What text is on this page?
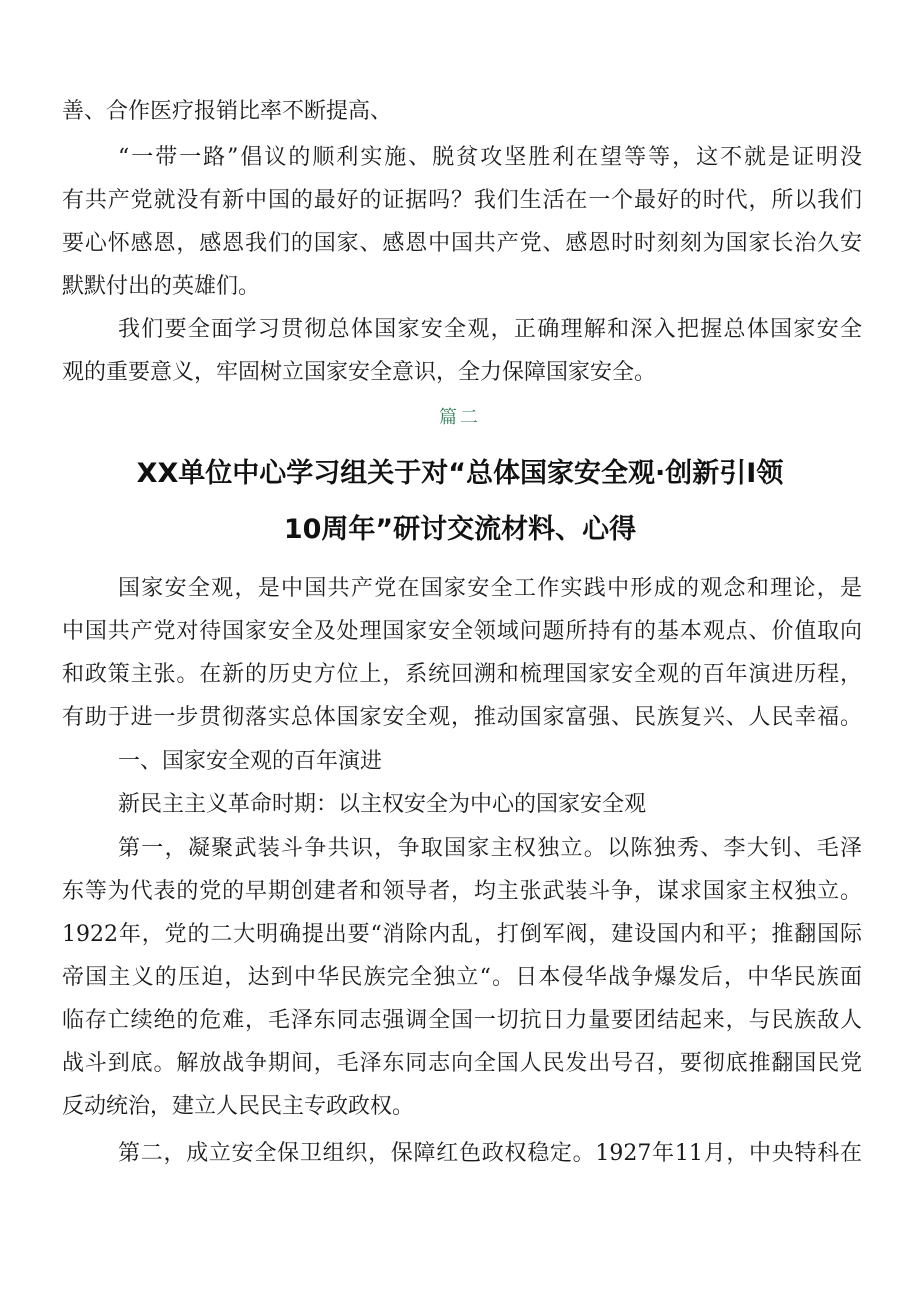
善、合作医疗报销比率不断提高、
“一带一路”倡议的顺利实施、脱贫攻坚胜利在望等等，这不就是证明没
有共产党就没有新中国的最好的证据吗？我们生活在一个最好的时代，所以我们
要心怀感恩，感恩我们的国家、感恩中国共产党、感恩时时刻刻为国家长治久安
默默付出的英雄们。
我们要全面学习贯彻总体国家安全观，正确理解和深入把握总体国家安全
观的重要意义，牢固树立国家安全意识，全力保障国家安全。
篇二
XX单位中心学习组关于对“总体国家安全观·创新引I领
10周年”研讨交流材料、心得
国家安全观，是中国共产党在国家安全工作实践中形成的观念和理论，是
中国共产党对待国家安全及处理国家安全领域问题所持有的基本观点、价值取向
和政策主张。在新的历史方位上，系统回溯和梳理国家安全观的百年演进历程，
有助于进一步贯彻落实总体国家安全观，推动国家富强、民族复兴、人民幸福。
一、国家安全观的百年演进
新民主主义革命时期：以主权安全为中心的国家安全观
第一，凝聚武装斗争共识，争取国家主权独立。以陈独秀、李大钊、毛泽
东等为代表的党的早期创建者和领导者，均主张武装斗争，谋求国家主权独立。
1922年，党的二大明确提出要“消除内乱，打倒军阀，建设国内和平；推翻国际
帝国主义的压迫，达到中华民族完全独立“。日本侵华战争爆发后，中华民族面
临存亡续绝的危难，毛泽东同志强调全国一切抗日力量要团结起来，与民族敌人
战斗到底。解放战争期间，毛泽东同志向全国人民发出号召，要彻底推翻国民党
反动统治，建立人民民主专政政权。
第二，成立安全保卫组织，保障红色政权稳定。1927年11月，中央特科在
